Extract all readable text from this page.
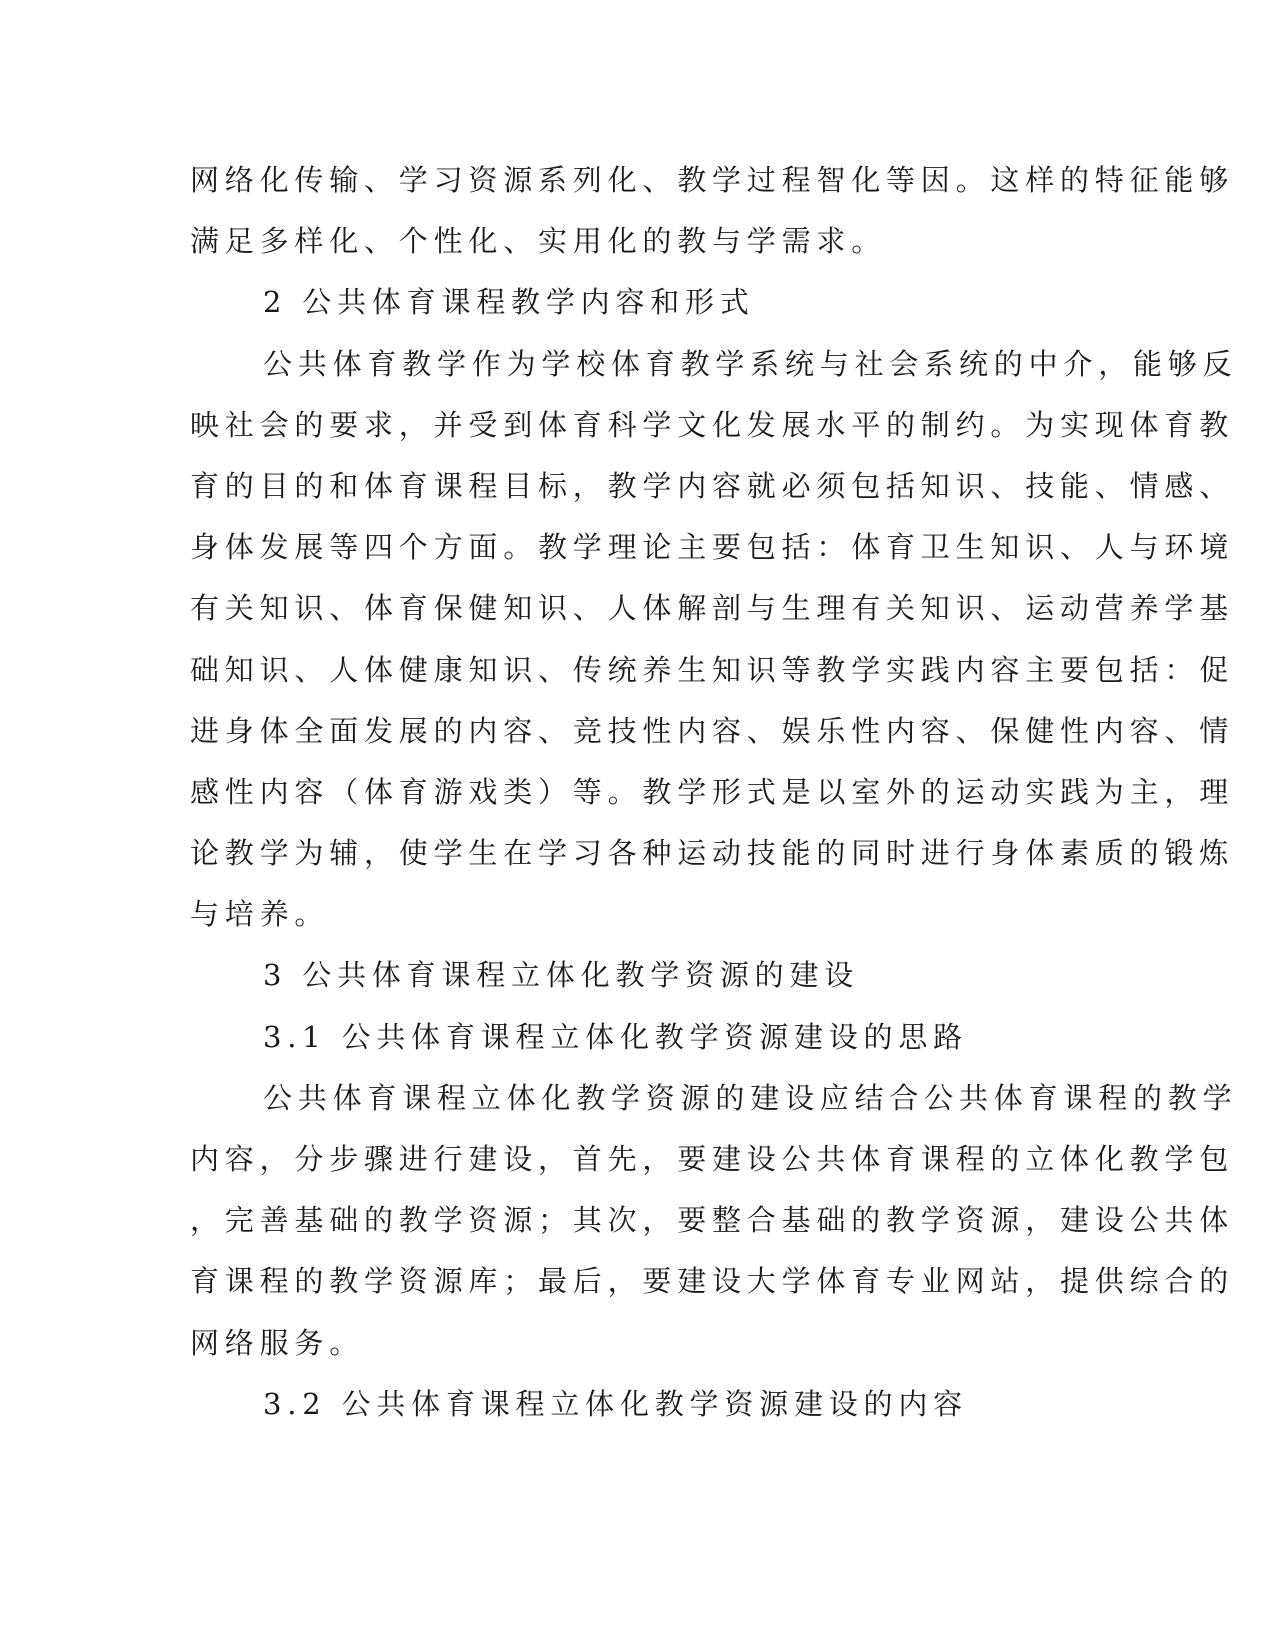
网络化传输、学习资源系列化、教学过程智化等因。这样的特征能够
满足多样化、个性化、实用化的教与学需求。
2 公共体育课程教学内容和形式
公共体育教学作为学校体育教学系统与社会系统的中介，能够反
映社会的要求，并受到体育科学文化发展水平的制约。为实现体育教
育的目的和体育课程目标，教学内容就必须包括知识、技能、情感、
身体发展等四个方面。教学理论主要包括：体育卫生知识、人与环境
有关知识、体育保健知识、人体解剖与生理有关知识、运动营养学基
础知识、人体健康知识、传统养生知识等教学实践内容主要包括：促
进身体全面发展的内容、竞技性内容、娱乐性内容、保健性内容、情
感性内容（体育游戏类）等。教学形式是以室外的运动实践为主，理
论教学为辅，使学生在学习各种运动技能的同时进行身体素质的锻炼
与培养。
3 公共体育课程立体化教学资源的建设
3.1 公共体育课程立体化教学资源建设的思路
公共体育课程立体化教学资源的建设应结合公共体育课程的教学
内容，分步骤进行建设，首先，要建设公共体育课程的立体化教学包
，完善基础的教学资源；其次，要整合基础的教学资源，建设公共体
育课程的教学资源库；最后，要建设大学体育专业网站，提供综合的
网络服务。
3.2 公共体育课程立体化教学资源建设的内容
